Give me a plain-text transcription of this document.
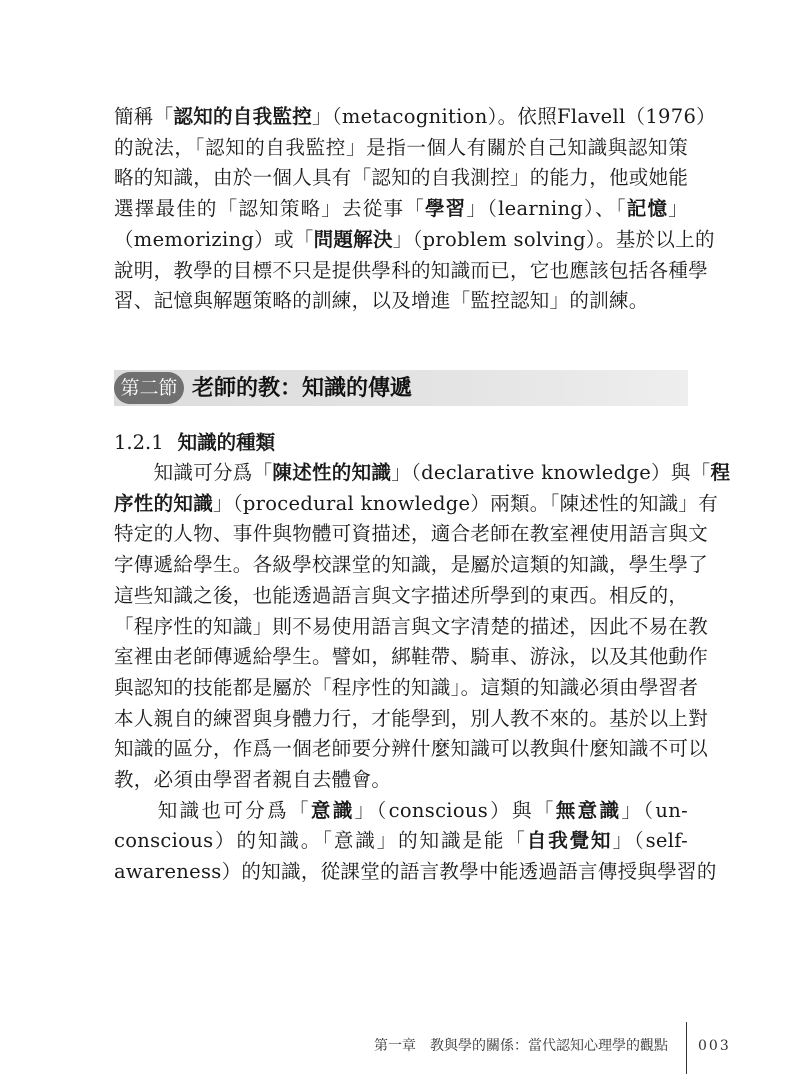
簡稱「認知的自我監控」（metacognition）。依照Flavell（1976）
的說法，「認知的自我監控」是指一個人有關於自己知識與認知策
略的知識，由於一個人具有「認知的自我測控」的能力，他或她能
選擇最佳的「認知策略」去從事「學習」（learning）、「記憶」
（memorizing）或「問題解決」（problem solving）。基於以上的
說明，教學的目標不只是提供學科的知識而已，它也應該包括各種學
習、記憶與解題策略的訓練，以及增進「監控認知」的訓練。
第二節 老師的教：知識的傳遞
1.2.1 知識的種類
　　知識可分爲「陳述性的知識」（declarative knowledge）與「程
序性的知識」（procedural knowledge）兩類。「陳述性的知識」有
特定的人物、事件與物體可資描述，適合老師在教室裡使用語言與文
字傳遞給學生。各級學校課堂的知識，是屬於這類的知識，學生學了
這些知識之後，也能透過語言與文字描述所學到的東西。相反的，
「程序性的知識」則不易使用語言與文字清楚的描述，因此不易在教
室裡由老師傳遞給學生。譬如，綁鞋帶、騎車、游泳，以及其他動作
與認知的技能都是屬於「程序性的知識」。這類的知識必須由學習者
本人親自的練習與身體力行，才能學到，別人教不來的。基於以上對
知識的區分，作爲一個老師要分辨什麼知識可以教與什麼知識不可以
教，必須由學習者親自去體會。
　　知識也可分爲「意識」（conscious）與「無意識」（un-
conscious）的知識。「意識」的知識是能「自我覺知」（self-
awareness）的知識，從課堂的語言教學中能透過語言傳授與學習的
第一章　教與學的關係：當代認知心理學的觀點 003
